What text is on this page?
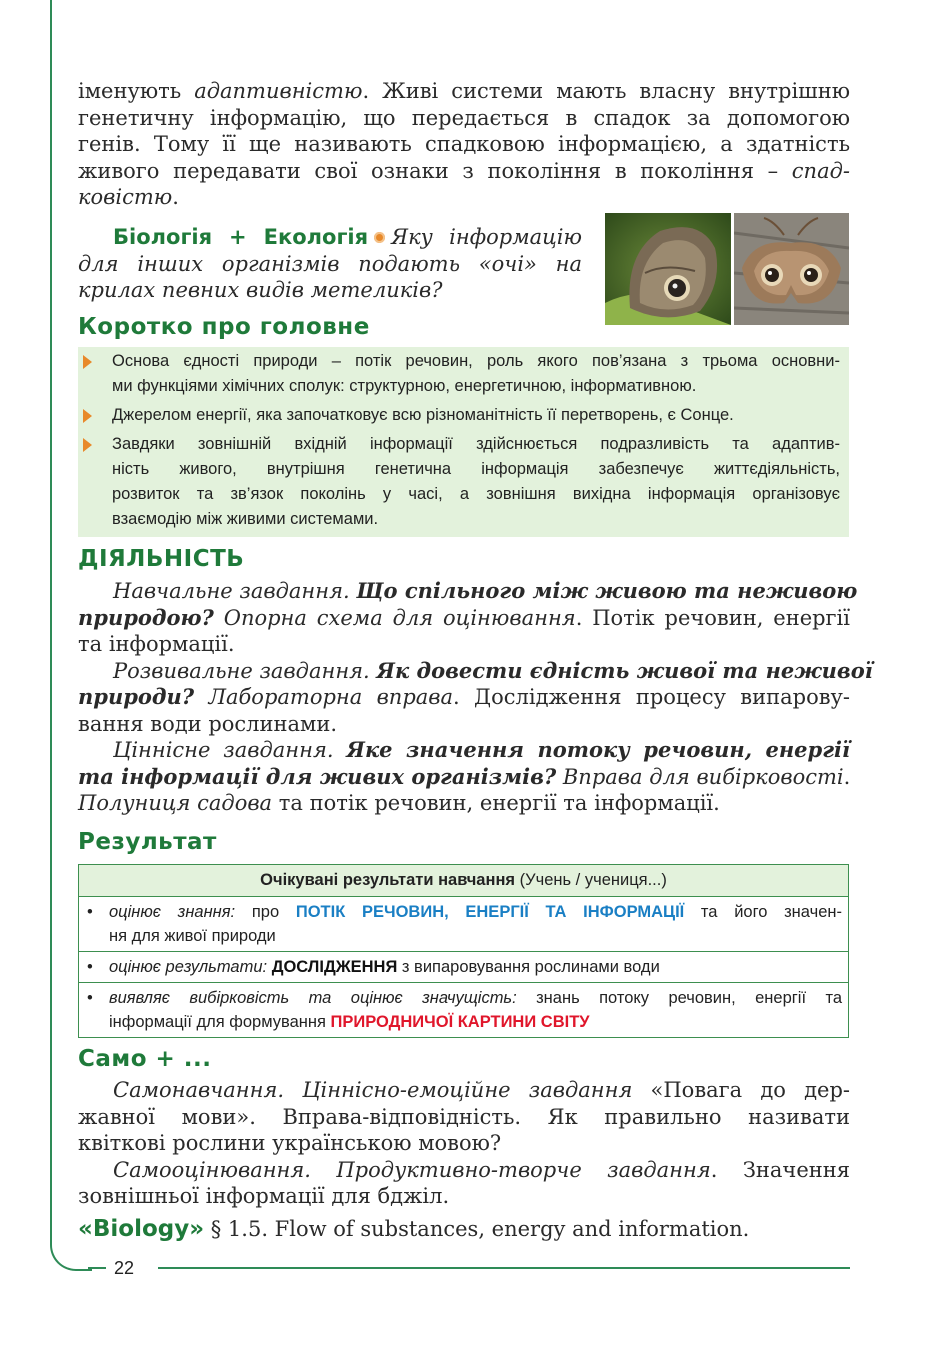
іменують адаптивністю. Живі системи мають власну внутрішню
генетичну інформацію, що передається в спадок за допомогою
генів. Тому її ще називають спадковою інформацією, а здатність
живого передавати свої ознаки з покоління в покоління – спад-
ковістю.
Біологія + Екологія Яку інформацію
для інших організмів подають «очі» на
крилах певних видів метеликів?
Коротко про головне
Основа єдності природи – потік речовин, роль якого пов’язана з трьома основни-
ми функціями хімічних сполук: структурною, енергетичною, інформативною.
Джерелом енергії, яка започатковує всю різноманітність її перетворень, є Сонце.
Завдяки зовнішній вхідній інформації здійснюється подразливість та адаптив-
ність живого, внутрішня генетична інформація забезпечує життєдіяльність,
розвиток та зв’язок поколінь у часі, а зовнішня вихідна інформація організовує
взаємодію між живими системами.
ДІЯЛЬНІСТЬ
Навчальне завдання. Що спільного між живою та неживою
природою? Опорна схема для оцінювання. Потік речовин, енергії
та інформації.
Розвивальне завдання. Як довести єдність живої та неживої
природи? Лабораторна вправа. Дослідження процесу випарову-
вання води рослинами.
Ціннісне завдання. Яке значення потоку речовин, енергії
та інформації для живих організмів? Вправа для вибірковості.
Полуниця садова та потік речовин, енергії та інформації.
Результат
Очікувані результати навчання (Учень / учениця...)

• оцінює знання: про ПОТІК РЕЧОВИН, ЕНЕРГІЇ ТА ІНФОРМАЦІЇ та його значен-
ня для живої природи

• оцінює результати: ДОСЛІДЖЕННЯ з випаровування рослинами води

• виявляє вибірковість та оцінює значущість: знань потоку речовин, енергії та
інформації для формування ПРИРОДНИЧОЇ КАРТИНИ СВІТУ
Само + ...
Самонавчання. Ціннісно-емоційне завдання «Повага до дер-
жавної мови». Вправа-відповідність. Як правильно називати
квіткові рослини українською мовою?
Самооцінювання. Продуктивно-творче завдання. Значення
зовнішньої інформації для бджіл.
«Biology» § 1.5. Flow of substances, energy and information.
22
